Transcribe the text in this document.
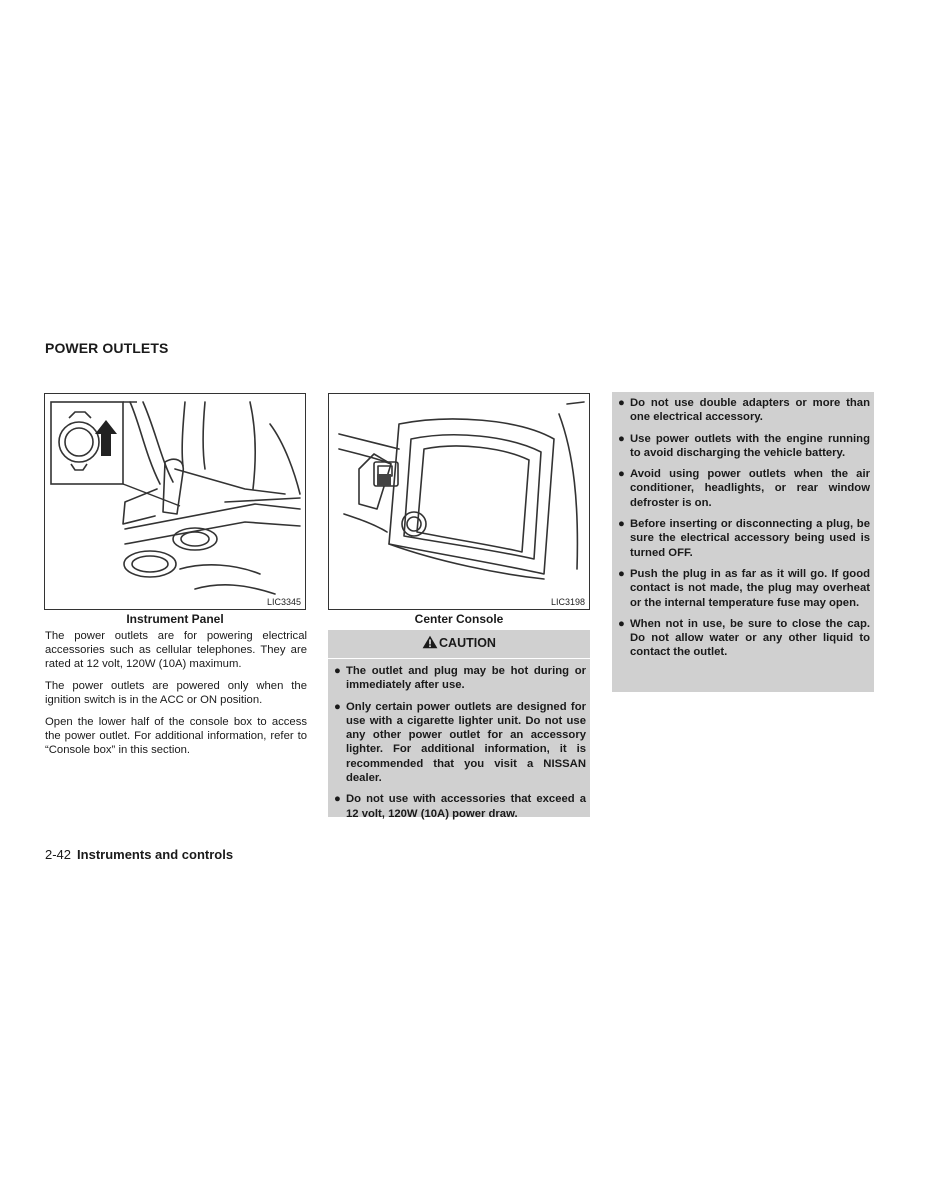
POWER OUTLETS
LIC3345
Instrument Panel

The power outlets are for powering electrical accessories such as cellular telephones. They are rated at 12 volt, 120W (10A) maximum.

The power outlets are powered only when the ignition switch is in the ACC or ON position.

Open the lower half of the console box to access the power outlet. For additional information, refer to “Console box” in this section.

LIC3198
Center Console
CAUTION
● The outlet and plug may be hot during or immediately after use.
● Only certain power outlets are designed for use with a cigarette lighter unit. Do not use any other power outlet for an accessory lighter. For additional information, it is recommended that you visit a NISSAN dealer.
● Do not use with accessories that exceed a 12 volt, 120W (10A) power draw.
● Do not use double adapters or more than one electrical accessory.
● Use power outlets with the engine running to avoid discharging the vehicle battery.
● Avoid using power outlets when the air conditioner, headlights, or rear window defroster is on.
● Before inserting or disconnecting a plug, be sure the electrical accessory being used is turned OFF.
● Push the plug in as far as it will go. If good contact is not made, the plug may overheat or the internal temperature fuse may open.
● When not in use, be sure to close the cap. Do not allow water or any other liquid to contact the outlet.
2-42 Instruments and controls
